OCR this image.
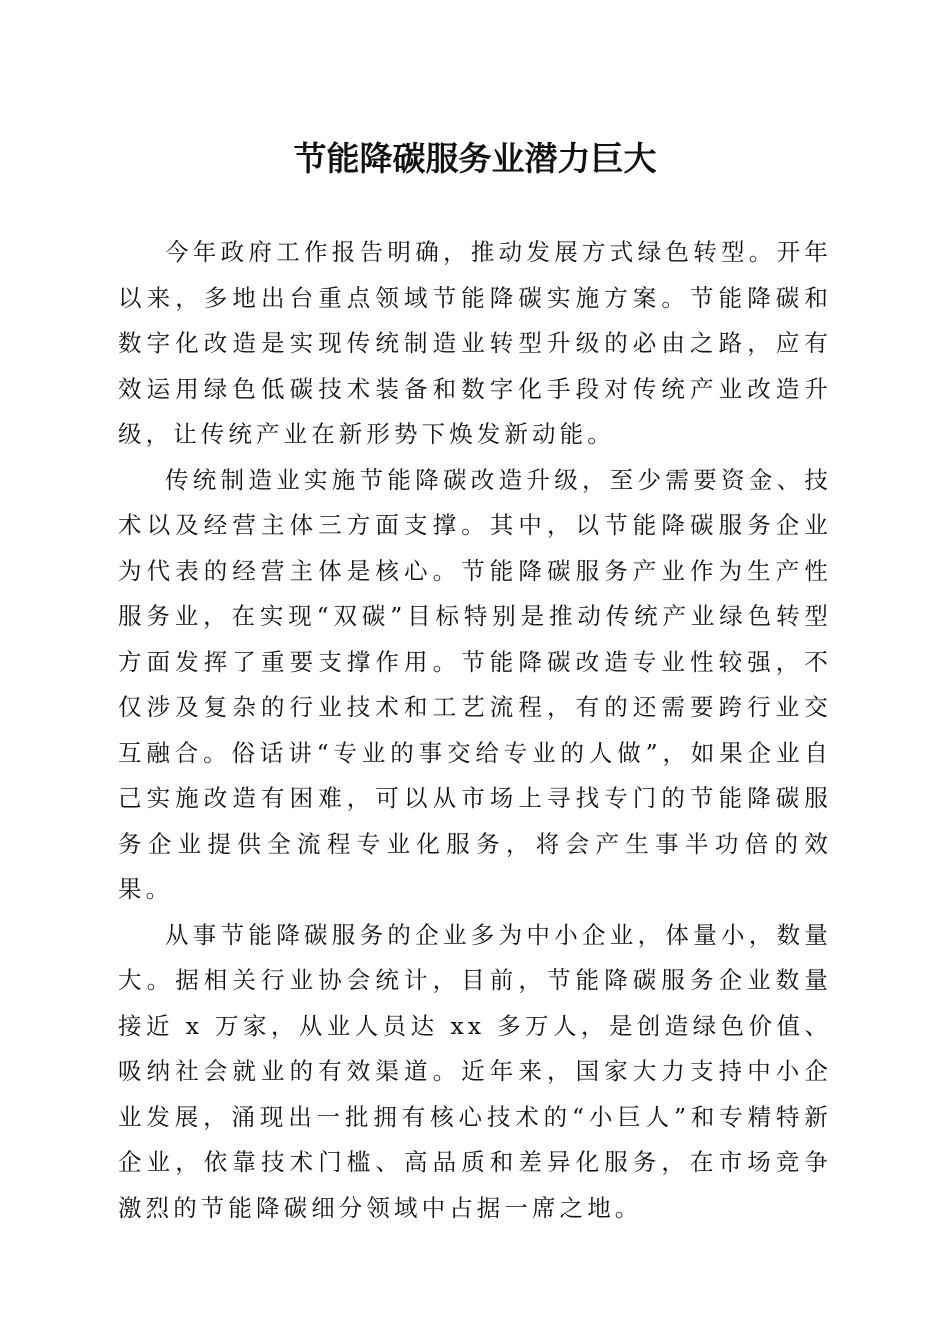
节能降碳服务业潜力巨大

今年政府工作报告明确，推动发展方式绿色转型。开年以来，多地出台重点领域节能降碳实施方案。节能降碳和数字化改造是实现传统制造业转型升级的必由之路，应有效运用绿色低碳技术装备和数字化手段对传统产业改造升级，让传统产业在新形势下焕发新动能。

传统制造业实施节能降碳改造升级，至少需要资金、技术以及经营主体三方面支撑。其中，以节能降碳服务企业为代表的经营主体是核心。节能降碳服务产业作为生产性服务业，在实现“双碳”目标特别是推动传统产业绿色转型方面发挥了重要支撑作用。节能降碳改造专业性较强，不仅涉及复杂的行业技术和工艺流程，有的还需要跨行业交互融合。俗话讲“专业的事交给专业的人做”，如果企业自己实施改造有困难，可以从市场上寻找专门的节能降碳服务企业提供全流程专业化服务，将会产生事半功倍的效果。

从事节能降碳服务的企业多为中小企业，体量小，数量大。据相关行业协会统计，目前，节能降碳服务企业数量接近 x 万家，从业人员达 xx 多万人，是创造绿色价值、吸纳社会就业的有效渠道。近年来，国家大力支持中小企业发展，涌现出一批拥有核心技术的“小巨人”和专精特新企业，依靠技术门槛、高品质和差异化服务，在市场竞争激烈的节能降碳细分领域中占据一席之地。
